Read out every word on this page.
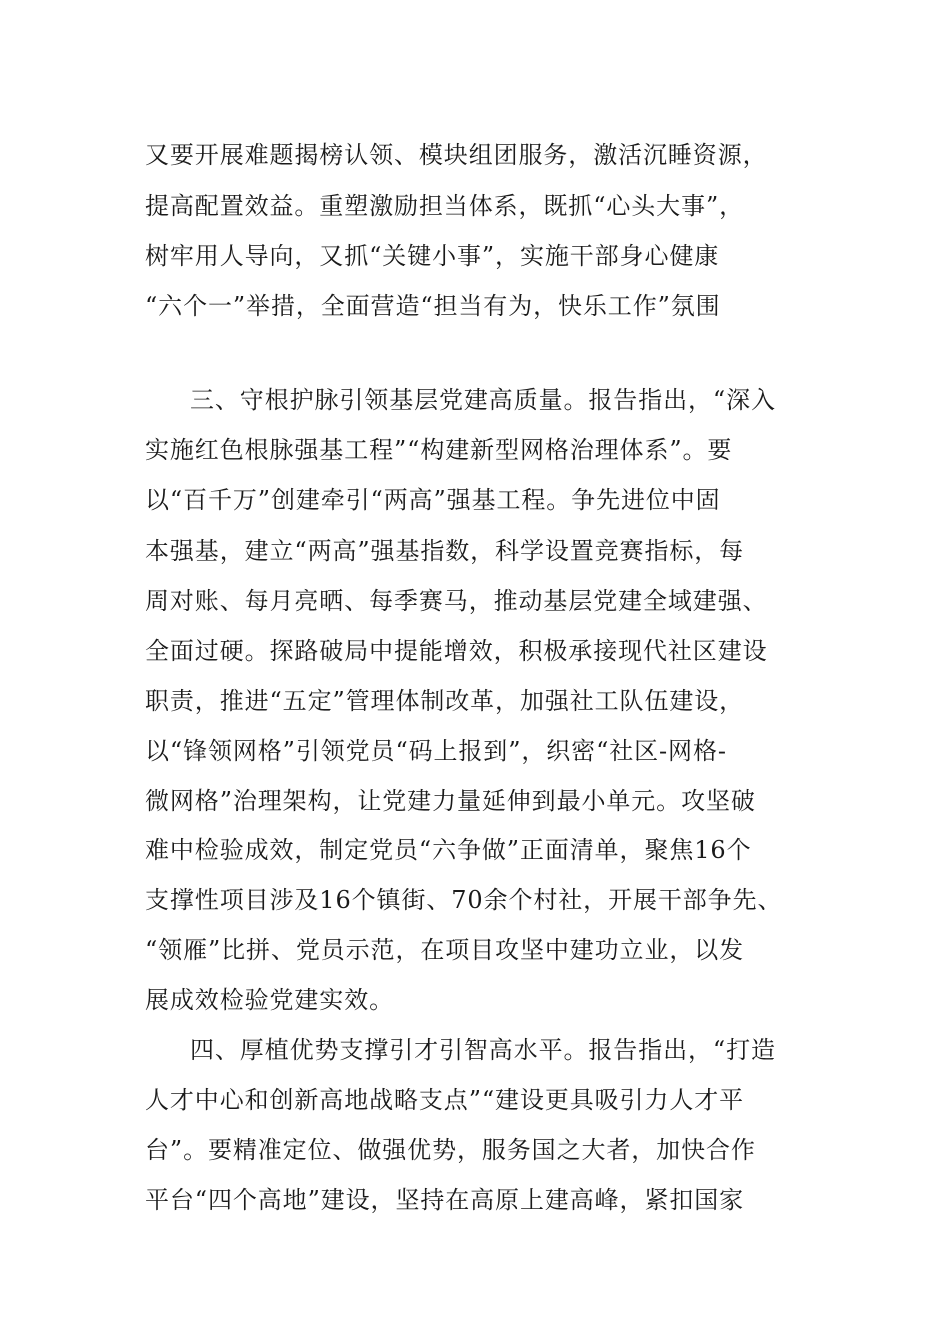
又要开展难题揭榜认领、模块组团服务，激活沉睡资源，

提高配置效益。重塑激励担当体系，既抓“心头大事”，

树牢用人导向，又抓“关键小事”，实施干部身心健康

“六个一”举措，全面营造“担当有为，快乐工作”氛围

三、守根护脉引领基层党建高质量。报告指出，“深入

实施红色根脉强基工程”“构建新型网格治理体系”。要

以“百千万”创建牵引“两高”强基工程。争先进位中固

本强基，建立“两高”强基指数，科学设置竞赛指标，每

周对账、每月亮晒、每季赛马，推动基层党建全域建强、

全面过硬。探路破局中提能增效，积极承接现代社区建设

职责，推进“五定”管理体制改革，加强社工队伍建设，

以“锋领网格”引领党员“码上报到”，织密“社区-网格-

微网格”治理架构，让党建力量延伸到最小单元。攻坚破

难中检验成效，制定党员“六争做”正面清单，聚焦16个

支撑性项目涉及16个镇街、70余个村社，开展干部争先、

“领雁”比拼、党员示范，在项目攻坚中建功立业，以发

展成效检验党建实效。

四、厚植优势支撑引才引智高水平。报告指出，“打造

人才中心和创新高地战略支点”“建设更具吸引力人才平

台”。要精准定位、做强优势，服务国之大者，加快合作

平台“四个高地”建设，坚持在高原上建高峰，紧扣国家
